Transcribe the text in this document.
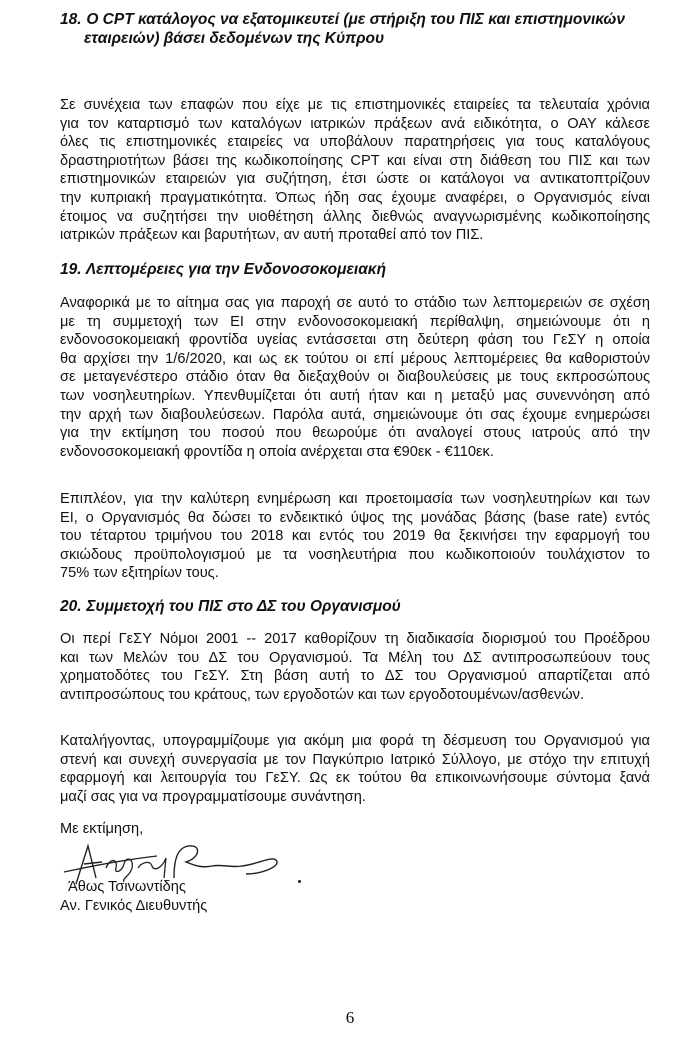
18. O CPT κατάλογος να εξατομικευτεί (με στήριξη του ΠΙΣ και επιστημονικών
εταιρειών) βάσει δεδομένων της Κύπρου
Σε συνέχεια των επαφών που είχε με τις επιστημονικές εταιρείες τα τελευταία χρόνια
για τον καταρτισμό των καταλόγων ιατρικών πράξεων ανά ειδικότητα, ο ΟΑΥ κάλεσε
όλες τις επιστημονικές εταιρείες να υποβάλουν παρατηρήσεις για τους καταλόγους
δραστηριοτήτων βάσει της κωδικοποίησης CPT και είναι στη διάθεση του ΠΙΣ και των
επιστημονικών εταιρειών για συζήτηση, έτσι ώστε οι κατάλογοι να αντικατοπτρίζουν
την κυπριακή πραγματικότητα. Όπως ήδη σας έχουμε αναφέρει, ο Οργανισμός είναι
έτοιμος να συζητήσει την υιοθέτηση άλλης διεθνώς αναγνωρισμένης κωδικοποίησης
ιατρικών πράξεων και βαρυτήτων, αν αυτή προταθεί από τον ΠΙΣ.
19. Λεπτομέρειες για την Ενδονοσοκομειακή
Αναφορικά με το αίτημα σας για παροχή σε αυτό το στάδιο των λεπτομερειών σε σχέση
με τη συμμετοχή των ΕΙ στην ενδονοσοκομειακή περίθαλψη, σημειώνουμε ότι η
ενδονοσοκομειακή φροντίδα υγείας εντάσσεται στη δεύτερη φάση του ΓεΣΥ η οποία
θα αρχίσει την 1/6/2020, και ως εκ τούτου οι επί μέρους λεπτομέρειες θα καθοριστούν
σε μεταγενέστερο στάδιο όταν θα διεξαχθούν οι διαβουλεύσεις με τους εκπροσώπους
των νοσηλευτηρίων. Υπενθυμίζεται ότι αυτή ήταν και η μεταξύ μας συνεννόηση από
την αρχή των διαβουλεύσεων. Παρόλα αυτά, σημειώνουμε ότι σας έχουμε ενημερώσει
για την εκτίμηση του ποσού που θεωρούμε ότι αναλογεί στους ιατρούς από την
ενδονοσοκομειακή φροντίδα η οποία ανέρχεται στα €90εκ - €110εκ.
Επιπλέον, για την καλύτερη ενημέρωση και προετοιμασία των νοσηλευτηρίων και των
ΕΙ, ο Οργανισμός θα δώσει το ενδεικτικό ύψος της μονάδας βάσης (base rate) εντός
του τέταρτου τριμήνου του 2018 και εντός του 2019 θα ξεκινήσει την εφαρμογή του
σκιώδους προϋπολογισμού με τα νοσηλευτήρια που κωδικοποιούν τουλάχιστον το
75% των εξιτηρίων τους.
20. Συμμετοχή του ΠΙΣ στο ΔΣ του Οργανισμού
Οι περί ΓεΣΥ Νόμοι 2001 -- 2017 καθορίζουν τη διαδικασία διορισμού του Προέδρου
και των Μελών του ΔΣ του Οργανισμού. Τα Μέλη του ΔΣ αντιπροσωπεύουν τους
χρηματοδότες του ΓεΣΥ. Στη βάση αυτή το ΔΣ του Οργανισμού απαρτίζεται από
αντιπροσώπους του κράτους, των εργοδοτών και των εργοδοτουμένων/ασθενών.
Καταλήγοντας, υπογραμμίζουμε για ακόμη μια φορά τη δέσμευση του Οργανισμού για
στενή και συνεχή συνεργασία με τον Παγκύπριο Ιατρικό Σύλλογο, με στόχο την επιτυχή
εφαρμογή και λειτουργία του ΓεΣΥ. Ως εκ τούτου θα επικοινωνήσουμε σύντομα ξανά
μαζί σας για να προγραμματίσουμε συνάντηση.
Με εκτίμηση,
Άθως Τσινωντίδης
Αν. Γενικός Διευθυντής
6
